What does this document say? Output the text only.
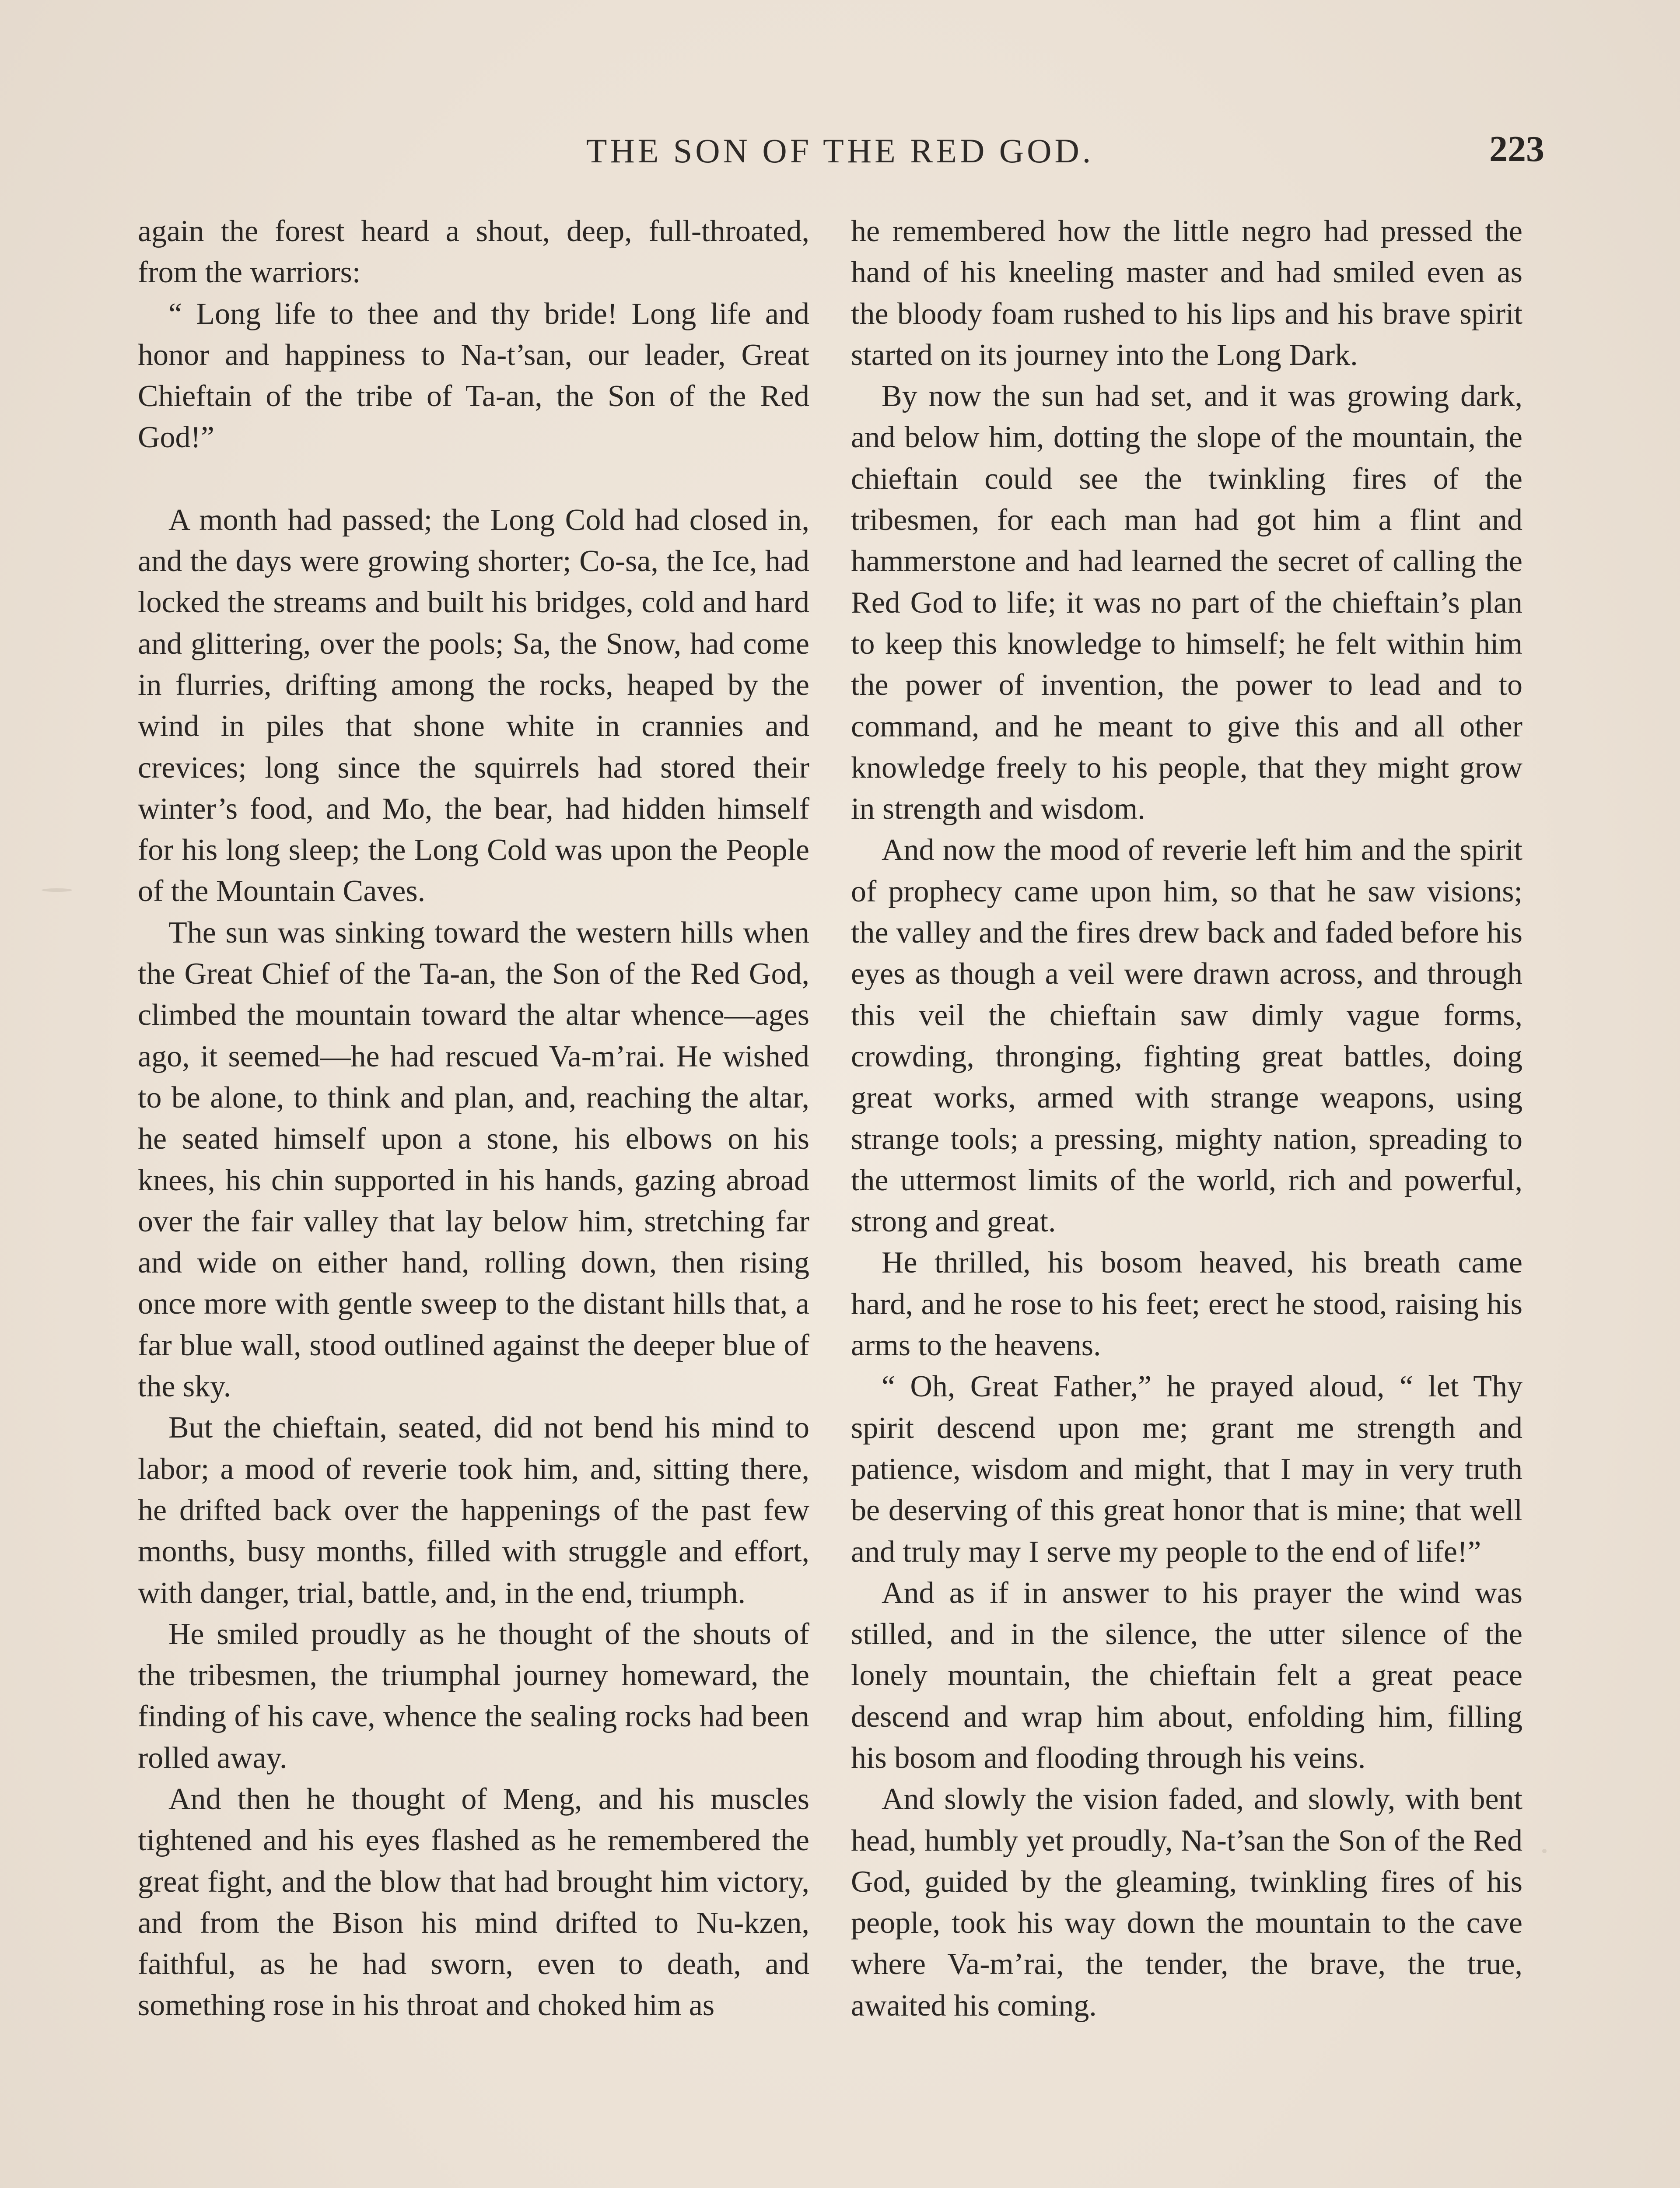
THE SON OF THE RED GOD.	223

again the forest heard a shout, deep, full-throated, from the warriors:

“ Long life to thee and thy bride! Long life and honor and happiness to Na-t’san, our leader, Great Chieftain of the tribe of Ta-an, the Son of the Red God!”

A month had passed; the Long Cold had closed in, and the days were growing shorter; Co-sa, the Ice, had locked the streams and built his bridges, cold and hard and glittering, over the pools; Sa, the Snow, had come in flurries, drifting among the rocks, heaped by the wind in piles that shone white in crannies and crevices; long since the squirrels had stored their winter’s food, and Mo, the bear, had hidden himself for his long sleep; the Long Cold was upon the People of the Mountain Caves.

The sun was sinking toward the western hills when the Great Chief of the Ta-an, the Son of the Red God, climbed the mountain toward the altar whence—ages ago, it seemed—he had rescued Va-m’rai. He wished to be alone, to think and plan, and, reaching the altar, he seated himself upon a stone, his elbows on his knees, his chin supported in his hands, gazing abroad over the fair valley that lay below him, stretching far and wide on either hand, rolling down, then rising once more with gentle sweep to the distant hills that, a far blue wall, stood outlined against the deeper blue of the sky.

But the chieftain, seated, did not bend his mind to labor; a mood of reverie took him, and, sitting there, he drifted back over the happenings of the past few months, busy months, filled with struggle and effort, with danger, trial, battle, and, in the end, triumph.

He smiled proudly as he thought of the shouts of the tribesmen, the triumphal journey homeward, the finding of his cave, whence the sealing rocks had been rolled away.

And then he thought of Meng, and his muscles tightened and his eyes flashed as he remembered the great fight, and the blow that had brought him victory, and from the Bison his mind drifted to Nu-kzen, faithful, as he had sworn, even to death, and something rose in his throat and choked him as

he remembered how the little negro had pressed the hand of his kneeling master and had smiled even as the bloody foam rushed to his lips and his brave spirit started on its journey into the Long Dark.

By now the sun had set, and it was growing dark, and below him, dotting the slope of the mountain, the chieftain could see the twinkling fires of the tribesmen, for each man had got him a flint and hammerstone and had learned the secret of calling the Red God to life; it was no part of the chieftain’s plan to keep this knowledge to himself; he felt within him the power of invention, the power to lead and to command, and he meant to give this and all other knowledge freely to his people, that they might grow in strength and wisdom.

And now the mood of reverie left him and the spirit of prophecy came upon him, so that he saw visions; the valley and the fires drew back and faded before his eyes as though a veil were drawn across, and through this veil the chieftain saw dimly vague forms, crowding, thronging, fighting great battles, doing great works, armed with strange weapons, using strange tools; a pressing, mighty nation, spreading to the uttermost limits of the world, rich and powerful, strong and great.

He thrilled, his bosom heaved, his breath came hard, and he rose to his feet; erect he stood, raising his arms to the heavens.

“ Oh, Great Father,” he prayed aloud, “ let Thy spirit descend upon me; grant me strength and patience, wisdom and might, that I may in very truth be deserving of this great honor that is mine; that well and truly may I serve my people to the end of life!”

And as if in answer to his prayer the wind was stilled, and in the silence, the utter silence of the lonely mountain, the chieftain felt a great peace descend and wrap him about, enfolding him, filling his bosom and flooding through his veins.

And slowly the vision faded, and slowly, with bent head, humbly yet proudly, Na-t’san the Son of the Red God, guided by the gleaming, twinkling fires of his people, took his way down the mountain to the cave where Va-m’rai, the tender, the brave, the true, awaited his coming.
